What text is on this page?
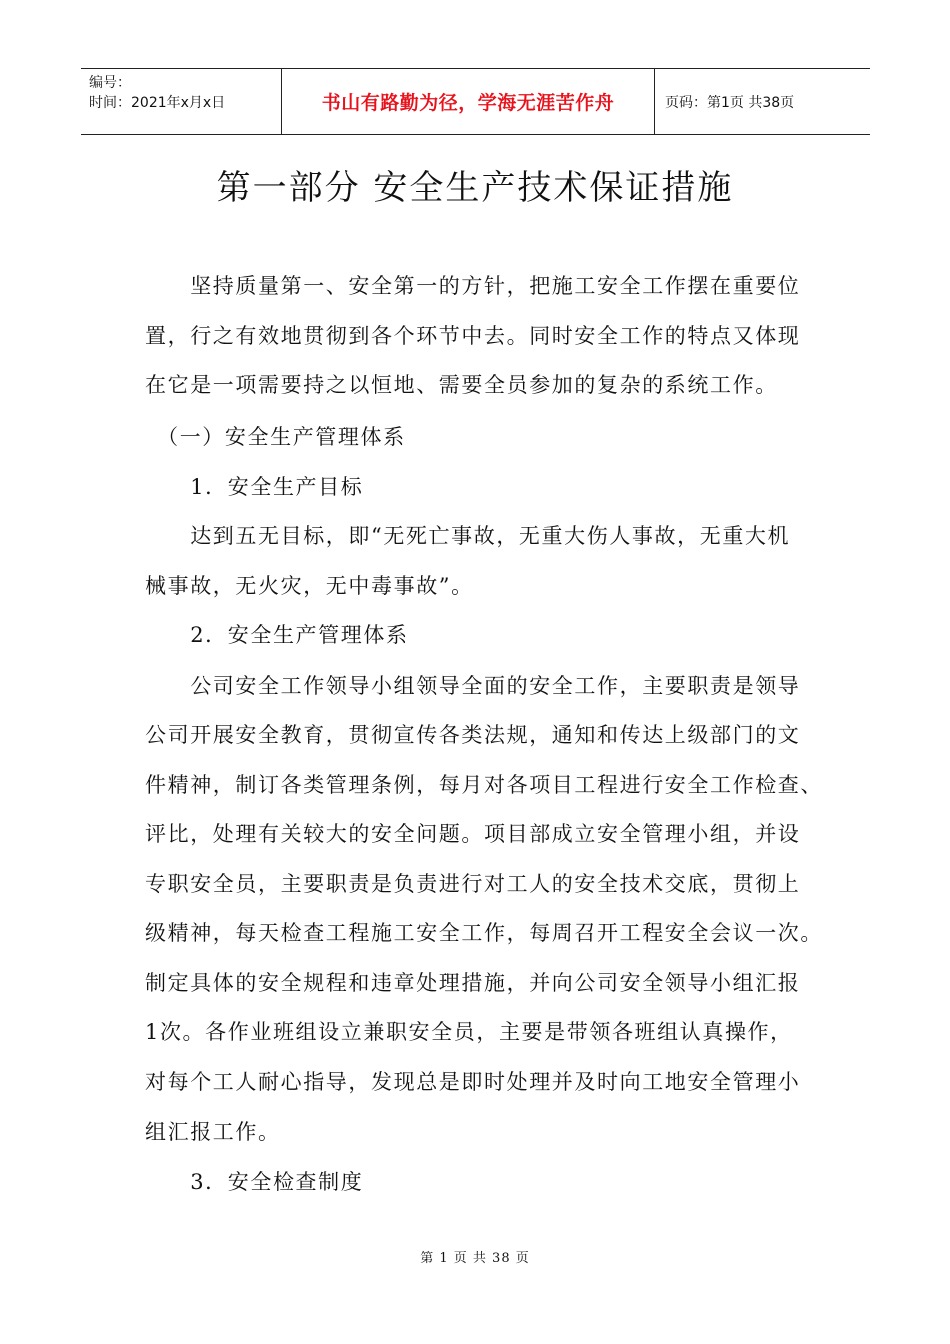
编号：
时间：2021年x月x日	书山有路勤为径，学海无涯苦作舟	页码：第1页 共38页
第一部分 安全生产技术保证措施

　　坚持质量第一、安全第一的方针，把施工安全工作摆在重要位

置，行之有效地贯彻到各个环节中去。同时安全工作的特点又体现

在它是一项需要持之以恒地、需要全员参加的复杂的系统工作。

　（一）安全生产管理体系

　　1．安全生产目标

　　达到五无目标，即“无死亡事故，无重大伤人事故，无重大机

械事故，无火灾，无中毒事故”。

　　2．安全生产管理体系

　　公司安全工作领导小组领导全面的安全工作，主要职责是领导

公司开展安全教育，贯彻宣传各类法规，通知和传达上级部门的文

件精神，制订各类管理条例，每月对各项目工程进行安全工作检查、

评比，处理有关较大的安全问题。项目部成立安全管理小组，并设

专职安全员，主要职责是负责进行对工人的安全技术交底，贯彻上

级精神，每天检查工程施工安全工作，每周召开工程安全会议一次。

制定具体的安全规程和违章处理措施，并向公司安全领导小组汇报

1次。各作业班组设立兼职安全员，主要是带领各班组认真操作，

对每个工人耐心指导，发现总是即时处理并及时向工地安全管理小

组汇报工作。

　　3．安全检查制度

第 1 页 共 38 页
